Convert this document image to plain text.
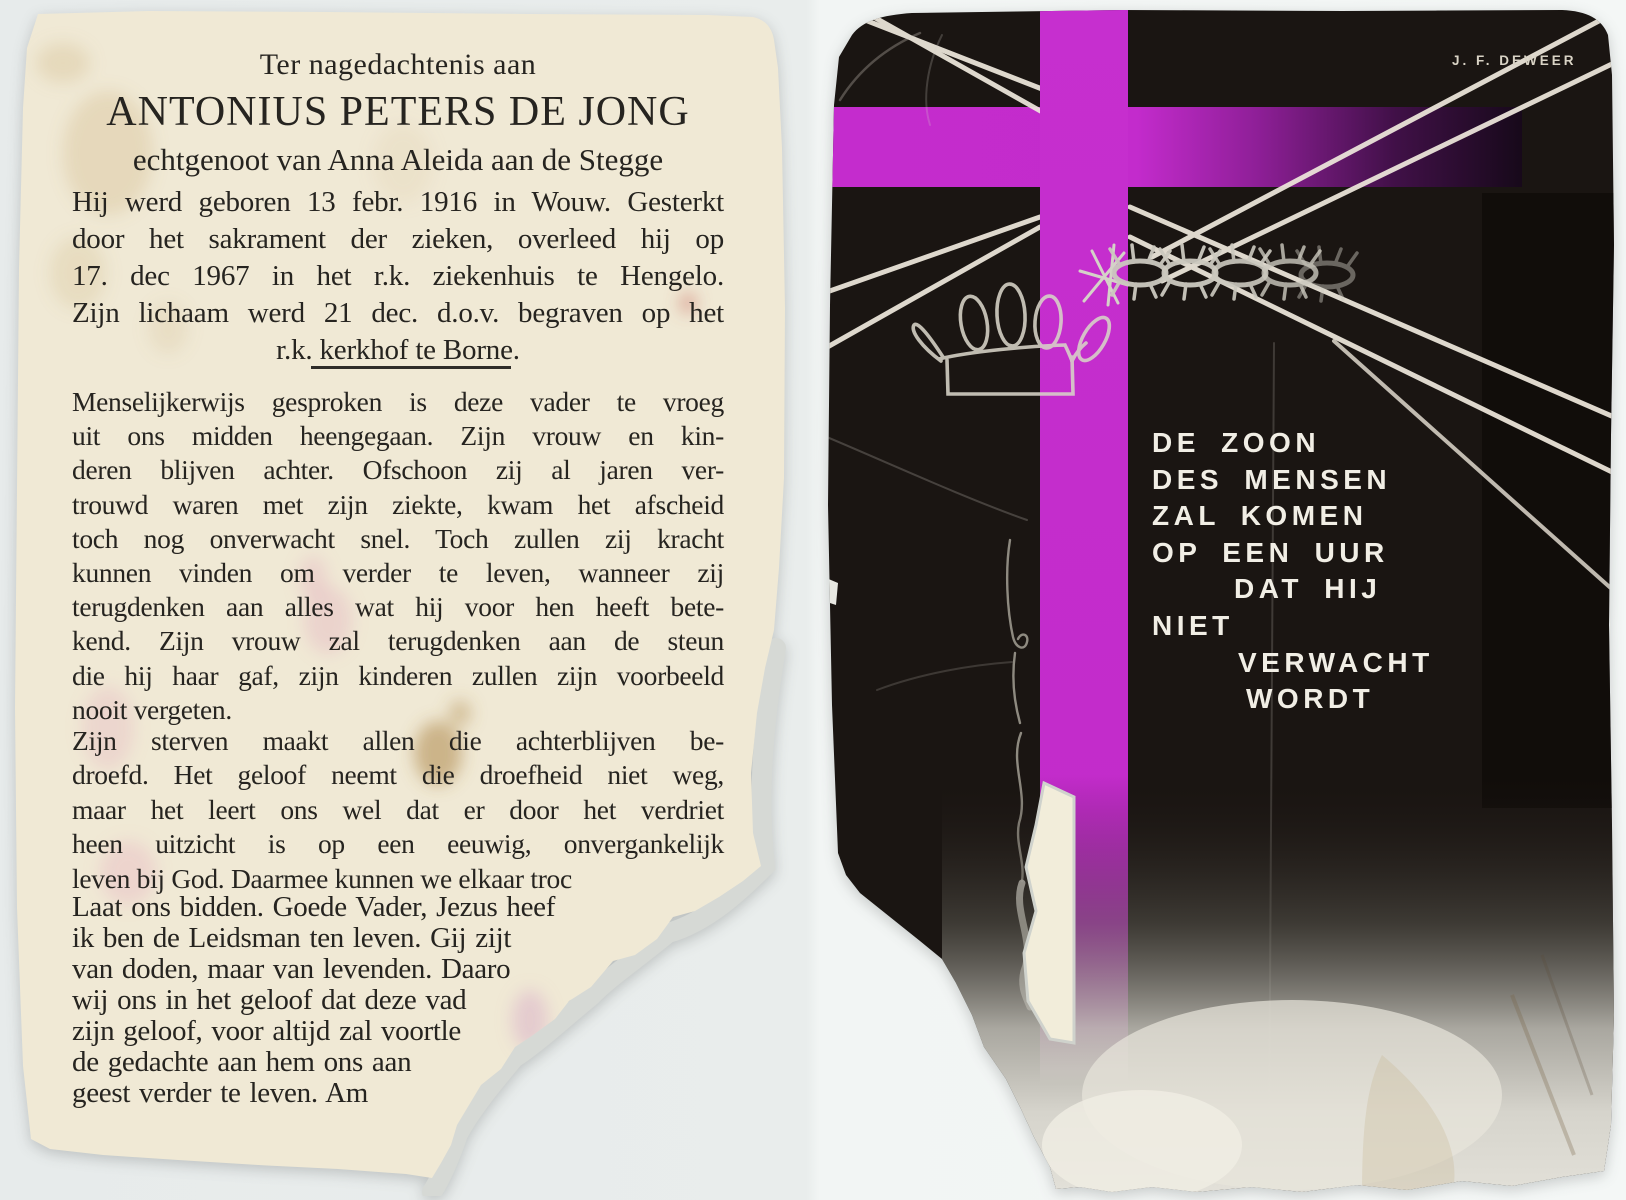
Ter nagedachtenis aan
ANTONIUS PETERS DE JONG
echtgenoot van Anna Aleida aan de Stegge
Hij werd geboren 13 febr. 1916 in Wouw. Gesterkt
door het sakrament der zieken, overleed hij op
17. dec 1967 in het r.k. ziekenhuis te Hengelo.
Zijn lichaam werd 21 dec. d.o.v. begraven op het
r.k. kerkhof te Borne.
Menselijkerwijs gesproken is deze vader te vroeg
uit ons midden heengegaan. Zijn vrouw en kin-
deren blijven achter. Ofschoon zij al jaren ver-
trouwd waren met zijn ziekte, kwam het afscheid
toch nog onverwacht snel. Toch zullen zij kracht
kunnen vinden om verder te leven, wanneer zij
terugdenken aan alles wat hij voor hen heeft bete-
kend. Zijn vrouw zal terugdenken aan de steun
die hij haar gaf, zijn kinderen zullen zijn voorbeeld
nooit vergeten.
Zijn sterven maakt allen die achterblijven be-
droefd. Het geloof neemt die droefheid niet weg,
maar het leert ons wel dat er door het verdriet
heen uitzicht is op een eeuwig, onvergankelijk
leven bij God. Daarmee kunnen we elkaar troc
Laat ons bidden. Goede Vader, Jezus heef
ik ben de Leidsman ten leven. Gij zijt
van doden, maar van levenden. Daaro
wij ons in het geloof dat deze vad
zijn geloof, voor altijd zal voortle
de gedachte aan hem ons aan
geest verder te leven. Am
J. F. DEWEER
DE ZOON
DES MENSEN
ZAL KOMEN
OP EEN UUR
DAT HIJ
NIET
VERWACHT
WORDT
